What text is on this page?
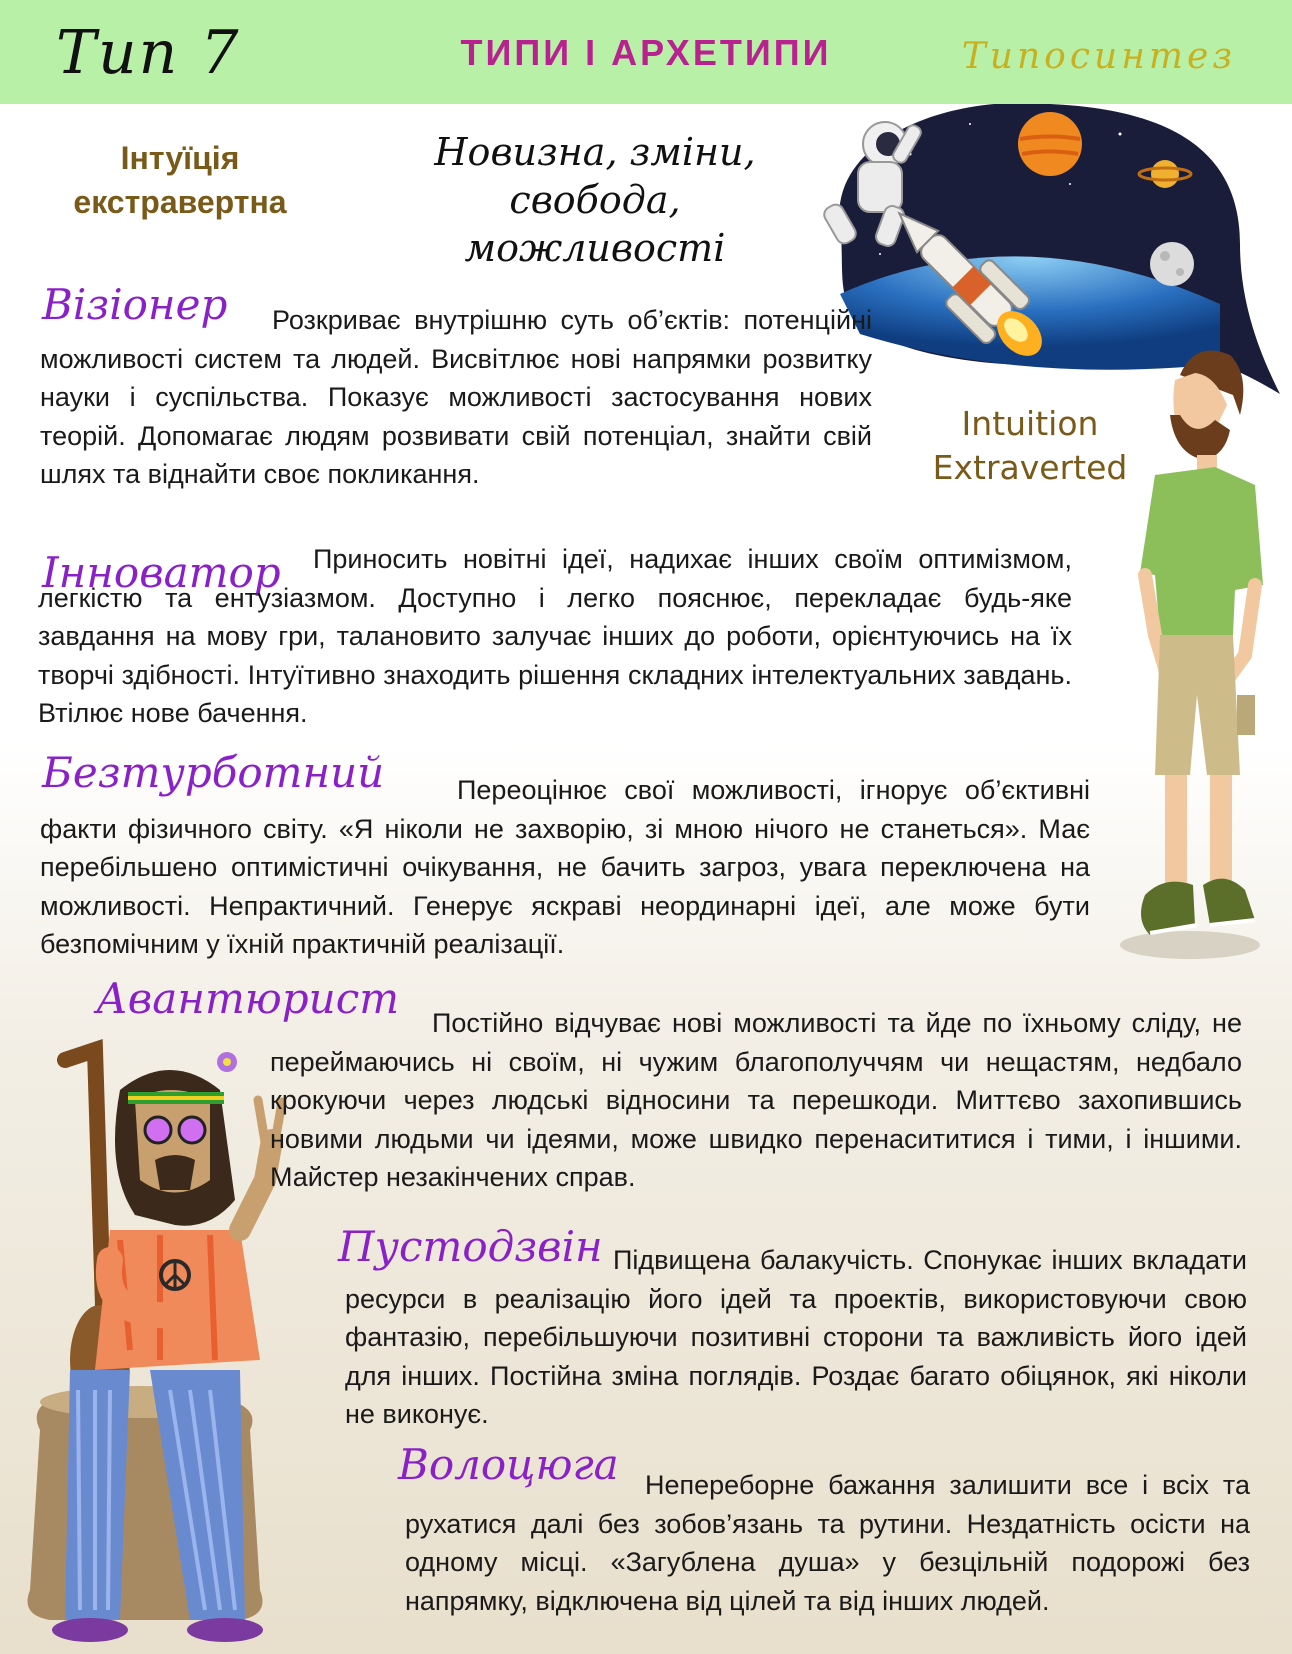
Тип 7	ТИПИ І АРХЕТИПИ	Типосинтез
Інтуїція
екстравертна
Новизна, зміни,
свобода,
можливості
Intuition
Extraverted
Візіонер	Розкриває внутрішню суть об’єктів: потенційні можливості систем та людей. Висвітлює нові напрямки розвитку науки і суспільства. Показує можливості застосування нових теорій. Допомагає людям розвивати свій потенціал, знайти свій шлях та віднайти своє покликання.

Інноватор	Приносить новітні ідеї, надихає інших своїм оптимізмом, легкістю та ентузіазмом. Доступно і легко пояснює, перекладає будь-яке завдання на мову гри, талановито залучає інших до роботи, орієнтуючись на їх творчі здібності. Інтуїтивно знаходить рішення складних інтелектуальних завдань. Втілює нове бачення.

Безтурботний	Переоцінює свої можливості, ігнорує об’єктивні факти фізичного світу. «Я ніколи не захворію, зі мною нічого не станеться». Має перебільшено оптимістичні очікування, не бачить загроз, увага переключена на можливості. Непрактичний. Генерує яскраві неординарні ідеї, але може бути безпомічним у їхній практичній реалізації.

Авантюрист	Постійно відчуває нові можливості та йде по їхньому сліду, не переймаючись ні своїм, ні чужим благополуччям чи нещастям, недбало крокуючи через людські відносини та перешкоди. Миттєво захопившись новими людьми чи ідеями, може швидко перенасититися і тими, і іншими. Майстер незакінчених справ.

Пустодзвін Підвищена балакучість. Спонукає інших вкладати ресурси в реалізацію його ідей та проектів, використовуючи свою фантазію, перебільшуючи позитивні сторони та важливість його ідей для інших. Постійна зміна поглядів. Роздає багато обіцянок, які ніколи не виконує.

Волоцюга Непереборне бажання залишити все і всіх та рухатися далі без зобов’язань та рутини. Нездатність осісти на одному місці. «Загублена душа» у безцільній подорожі без напрямку, відключена від цілей та від інших людей.
